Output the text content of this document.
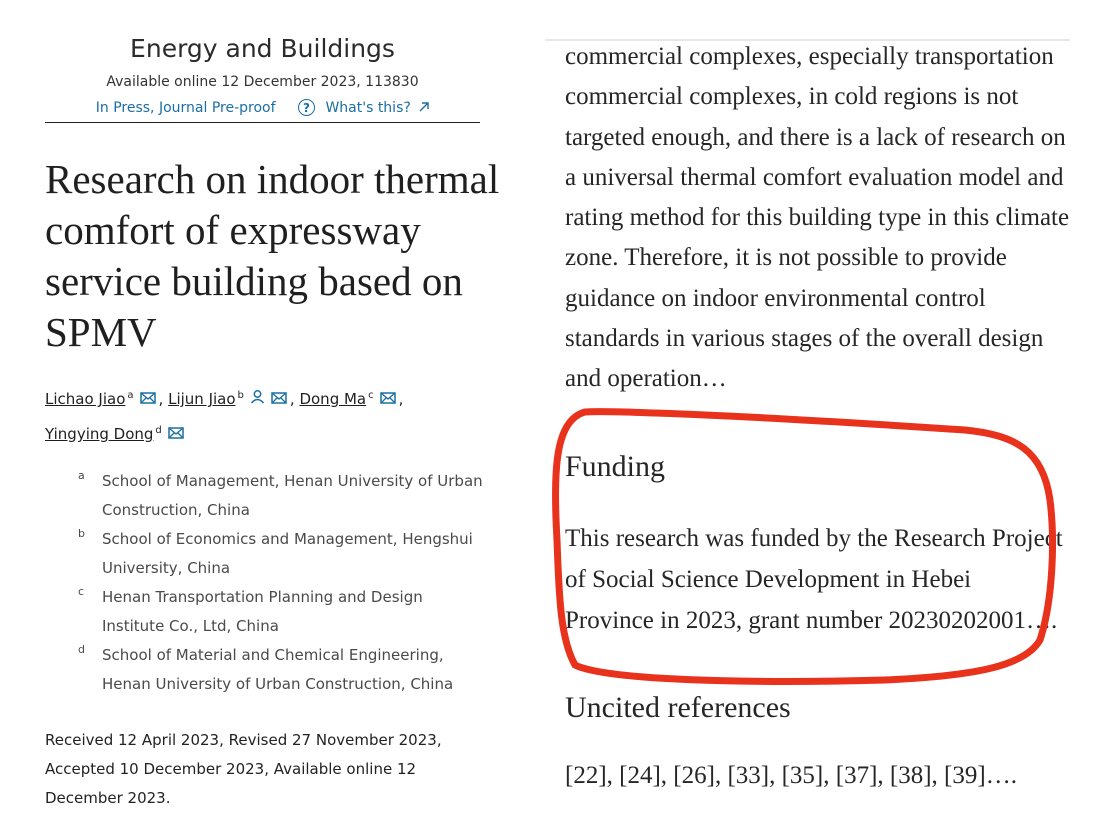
Energy and Buildings
Available online 12 December 2023, 113830
In Press, Journal Pre-proof ? What's this?
Research on indoor thermal comfort of expressway service building based on SPMV
Lichao Jiao $^a$ , Lijun Jiao $^b$	, Dong Ma $^c$ ,
Yingying Dong $^d$
a School of Management, Henan University of Urban Construction, China
b School of Economics and Management, Hengshui University, China
c Henan Transportation Planning and Design Institute Co., Ltd, China
d School of Material and Chemical Engineering, Henan University of Urban Construction, China
Received 12 April 2023, Revised 27 November 2023, Accepted 10 December 2023, Available online 12 December 2023.
commercial complexes, especially transportation commercial complexes, in cold regions is not targeted enough, and there is a lack of research on a universal thermal comfort evaluation model and rating method for this building type in this climate zone. Therefore, it is not possible to provide guidance on indoor environmental control standards in various stages of the overall design and operation…
Funding
This research was funded by the Research Project of Social Science Development in Hebei Province in 2023, grant number 20230202001….
Uncited references
[22], [24], [26], [33], [35], [37], [38], [39]….
